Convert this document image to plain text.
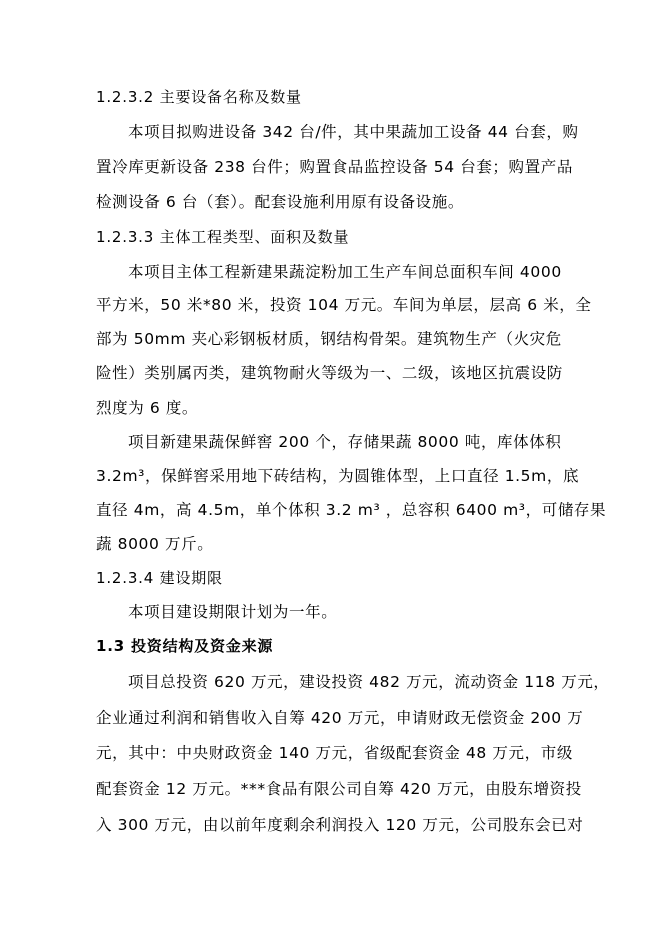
1.2.3.2 主要设备名称及数量
本项目拟购进设备 342 台/件，其中果蔬加工设备 44 台套，购
置冷库更新设备 238 台件；购置食品监控设备 54 台套；购置产品
检测设备 6 台（套）。配套设施利用原有设备设施。
1.2.3.3 主体工程类型、面积及数量
本项目主体工程新建果蔬淀粉加工生产车间总面积车间 4000
平方米，50 米*80 米，投资 104 万元。车间为单层，层高 6 米，全
部为 50mm 夹心彩钢板材质，钢结构骨架。建筑物生产（火灾危
险性）类别属丙类，建筑物耐火等级为一、二级，该地区抗震设防
烈度为 6 度。
项目新建果蔬保鲜窖 200 个，存储果蔬 8000 吨，库体体积
3.2m³，保鲜窖采用地下砖结构，为圆锥体型，上口直径 1.5m，底
直径 4m，高 4.5m，单个体积 3.2 m³ ，总容积 6400 m³，可储存果
蔬 8000 万斤。
1.2.3.4 建设期限
本项目建设期限计划为一年。
1.3 投资结构及资金来源
项目总投资 620 万元，建设投资 482 万元，流动资金 118 万元，
企业通过利润和销售收入自筹 420 万元，申请财政无偿资金 200 万
元，其中：中央财政资金 140 万元，省级配套资金 48 万元，市级
配套资金 12 万元。***食品有限公司自筹 420 万元，由股东增资投
入 300 万元，由以前年度剩余利润投入 120 万元，公司股东会已对
